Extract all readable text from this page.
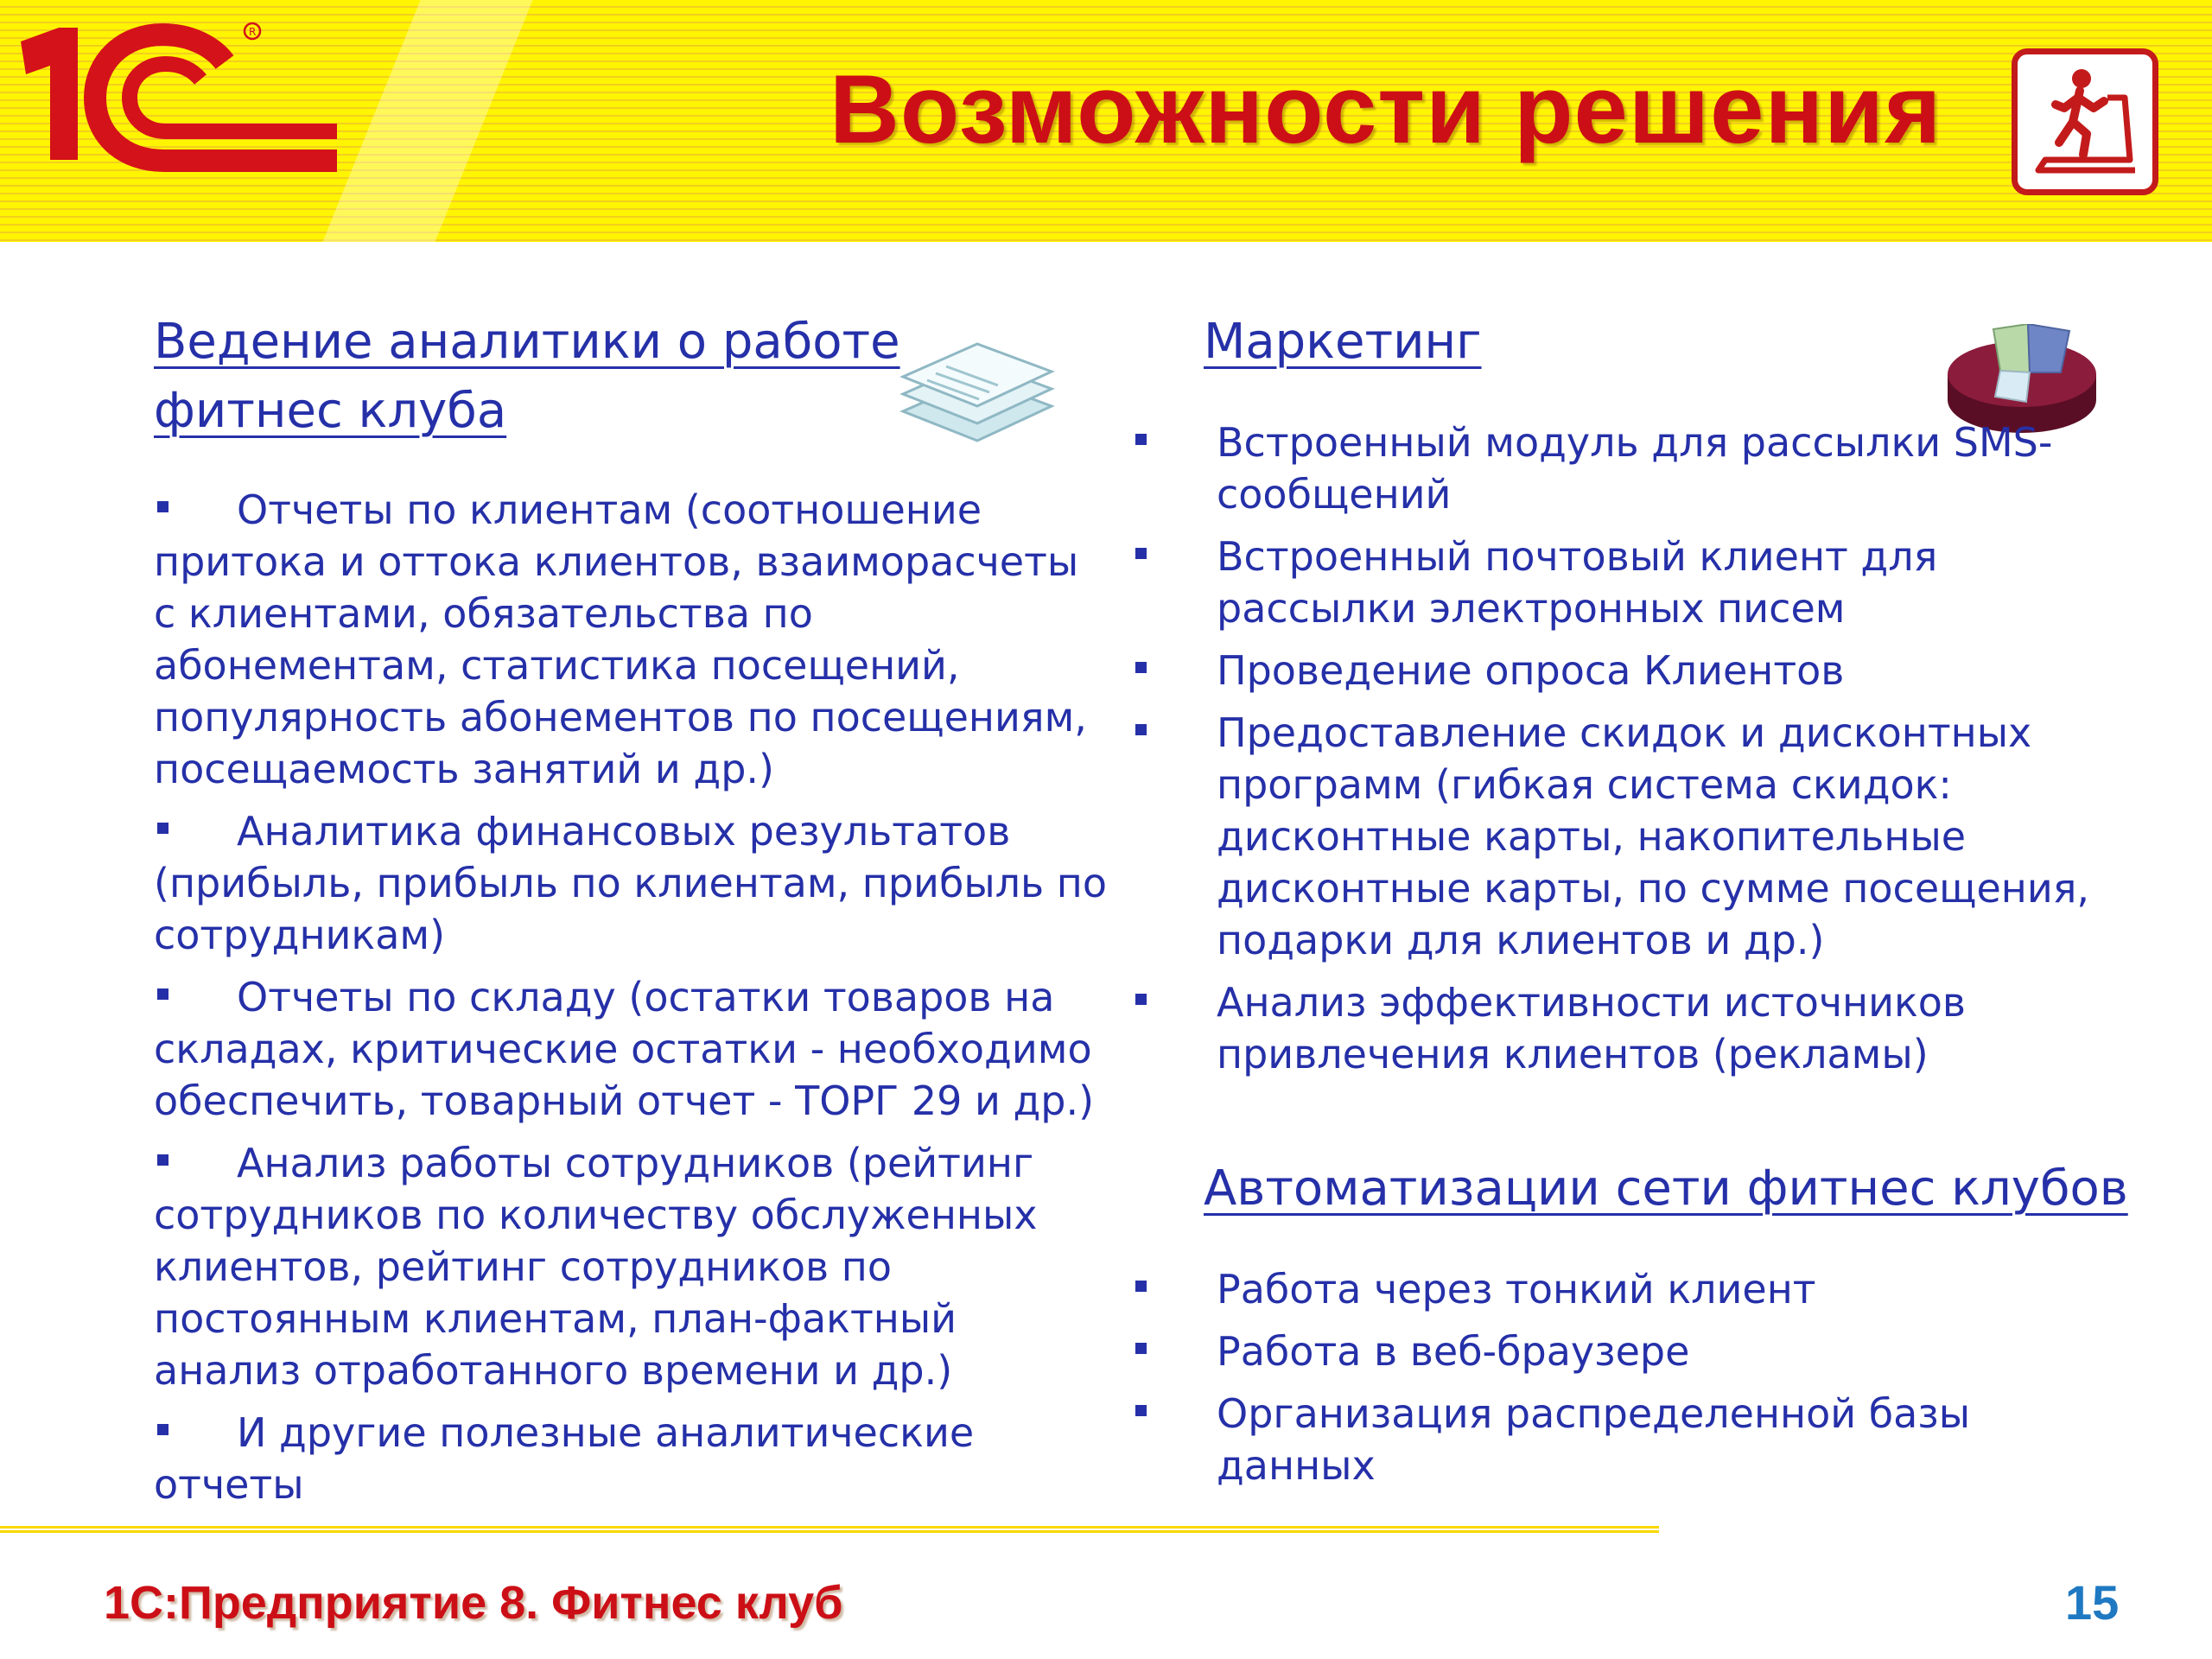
R
Возможности решения
Ведение аналитики о работе
фитнес клуба
Отчеты по клиентам (соотношение притока и оттока клиентов, взаиморасчеты с клиентами, обязательства по абонементам, статистика посещений, популярность абонементов по посещениям, посещаемость занятий и др.)
Аналитика финансовых результатов (прибыль, прибыль по клиентам, прибыль по сотрудникам)
Отчеты по складу (остатки товаров на складах, критические остатки - необходимо обеспечить, товарный отчет - ТОРГ 29 и др.)
Анализ работы сотрудников (рейтинг сотрудников по количеству обслуженных клиентов, рейтинг сотрудников по постоянным клиентам, план-фактный анализ отработанного времени и др.)
И другие полезные аналитические отчеты
Маркетинг
Встроенный модуль для рассылки SMS-сообщений
Встроенный почтовый клиент для рассылки электронных писем
Проведение опроса Клиентов
Предоставление скидок и дисконтных программ (гибкая система скидок: дисконтные карты, накопительные дисконтные карты, по сумме посещения, подарки для клиентов и др.)
Анализ эффективности источников привлечения клиентов (рекламы)
Автоматизации сети фитнес клубов
Работа через тонкий клиент
Работа в веб-браузере
Организация распределенной базы данных
1С:Предприятие 8. Фитнес клуб	15
